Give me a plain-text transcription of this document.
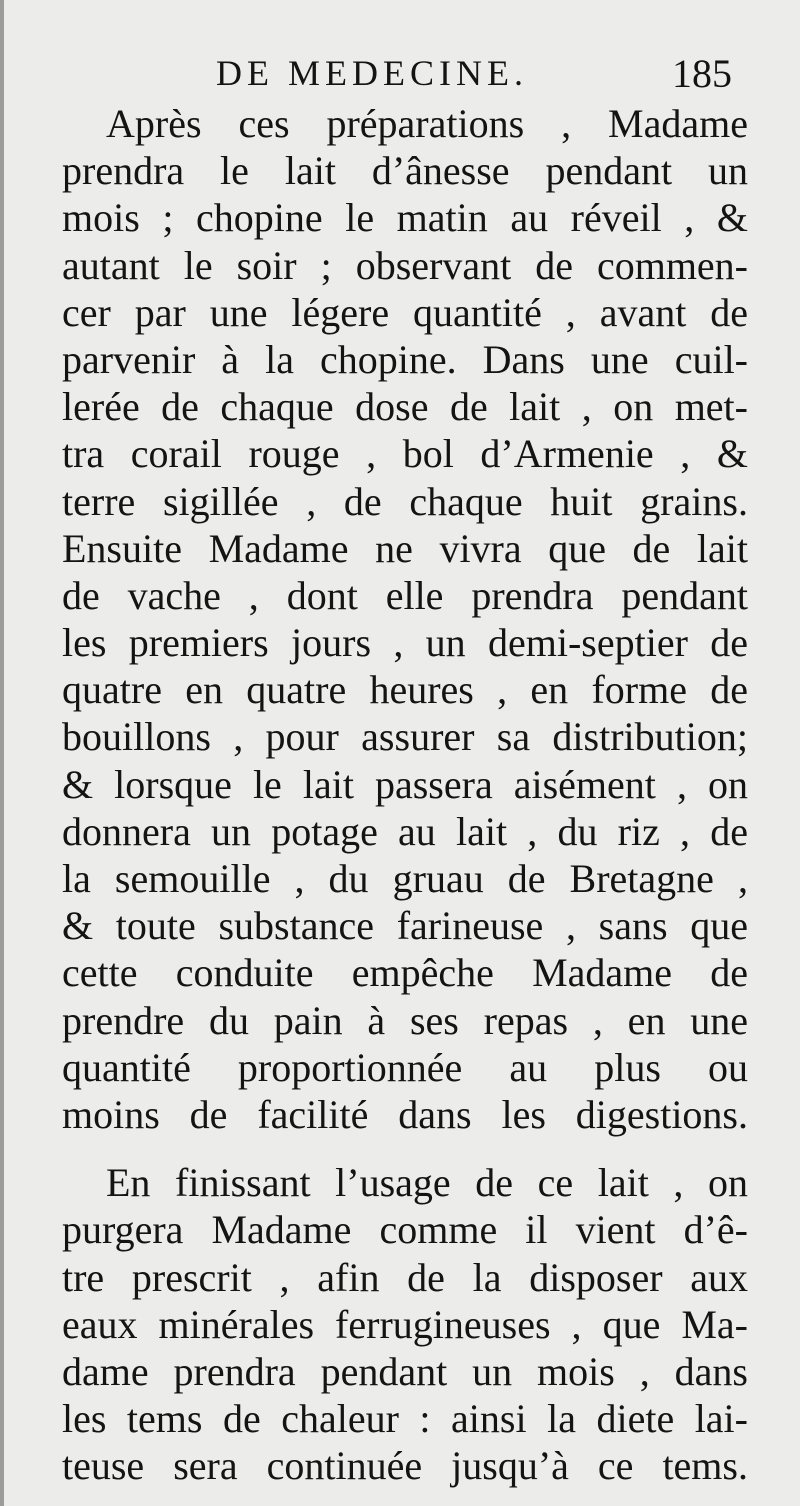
DE MEDECINE.	185
Après ces préparations , Madame
prendra le lait d’ânesse pendant un
mois ; chopine le matin au réveil , &
autant le soir ; observant de commen-
cer par une légere quantité , avant de
parvenir à la chopine. Dans une cuil-
lerée de chaque dose de lait , on met-
tra corail rouge , bol d’Armenie , &
terre sigillée , de chaque huit grains.
Ensuite Madame ne vivra que de lait
de vache , dont elle prendra pendant
les premiers jours , un demi-septier de
quatre en quatre heures , en forme de
bouillons , pour assurer sa distribution;
& lorsque le lait passera aisément , on
donnera un potage au lait , du riz , de
la semouille , du gruau de Bretagne ,
& toute substance farineuse , sans que
cette conduite empêche Madame de
prendre du pain à ses repas , en une
quantité proportionnée au plus ou
moins de facilité dans les digestions.
En finissant l’usage de ce lait , on
purgera Madame comme il vient d’ê-
tre prescrit , afin de la disposer aux
eaux minérales ferrugineuses , que Ma-
dame prendra pendant un mois , dans
les tems de chaleur : ainsi la diete lai-
teuse sera continuée jusqu’à ce tems.
